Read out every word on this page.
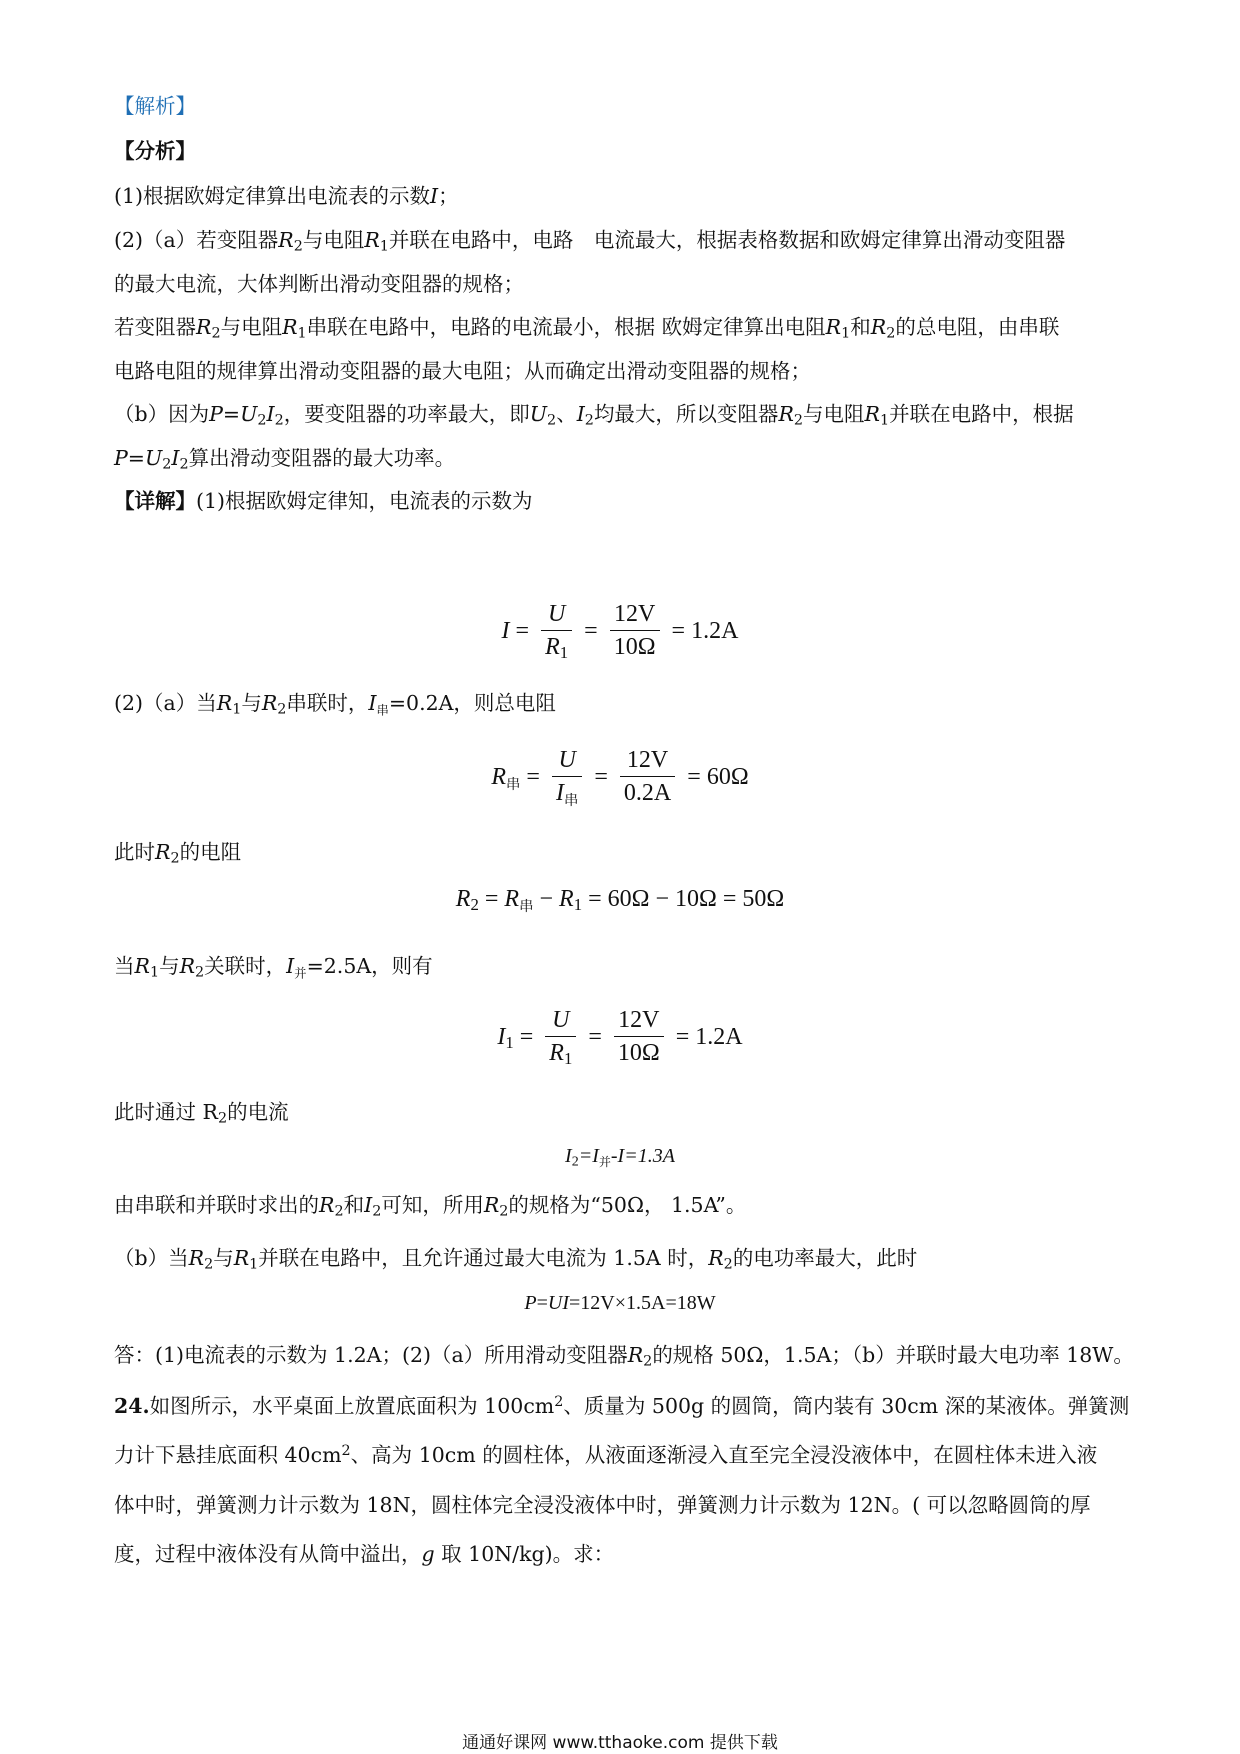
【解析】
【分析】
(1)根据欧姆定律算出电流表的示数I；
(2)（a）若变阻器$R_2$与电阻$R_1$并联在电路中，电路　电流最大，根据表格数据和欧姆定律算出滑动变阻器
的最大电流，大体判断出滑动变阻器的规格；
若变阻器$R_2$与电阻$R_1$串联在电路中，电路的电流最小，根据 欧姆定律算出电阻$R_1$和$R_2$的总电阻，由串联
电路电阻的规律算出滑动变阻器的最大电阻；从而确定出滑动变阻器的规格；
（b）因为$P=U_2I_2$，要变阻器的功率最大，即$U_2$、$I_2$均最大，所以变阻器$R_2$与电阻$R_1$并联在电路中，根据
$P=U_2I_2$算出滑动变阻器的最大功率。
【详解】(1)根据欧姆定律知，电流表的示数为
$I = \frac{U}{R_1} = \frac{12V}{10\Omega} = 1.2A$
(2)（a）当$R_1$与$R_2$串联时，$I_串=0.2A$，则总电阻
$R_串 = \frac{U}{I_串} = \frac{12V}{0.2A} = 60\Omega$
此时$R_2$的电阻
$R_2 = R_串 - R_1 = 60\Omega - 10\Omega = 50\Omega$
当$R_1$与$R_2$关联时，$I_并=2.5A$，则有
$I_1 = \frac{U}{R_1} = \frac{12V}{10\Omega} = 1.2A$
此时通过 $R_2$的电流
$I_2=I_并-I=1.3A$
由串联和并联时求出的$R_2$和$I_2$可知，所用$R_2$的规格为“50Ω， 1.5A”。
（b）当$R_2$与$R_1$并联在电路中，且允许通过最大电流为 1.5A 时，$R_2$的电功率最大，此时
P=UI=12V×1.5A=18W
答：(1)电流表的示数为 1.2A；(2)（a）所用滑动变阻器$R_2$的规格 50Ω，1.5A；（b）并联时最大电功率 18W。
24.如图所示，水平桌面上放置底面积为 $100cm^2$、质量为 500g 的圆筒，筒内装有 30cm 深的某液体。弹簧测
力计下悬挂底面积 $40cm^2$、高为 10cm 的圆柱体，从液面逐渐浸入直至完全浸没液体中，在圆柱体未进入液
体中时，弹簧测力计示数为 18N，圆柱体完全浸没液体中时，弹簧测力计示数为 12N。( 可以忽略圆筒的厚
度，过程中液体没有从筒中溢出，g 取 10N/kg)。求：
通通好课网 www.tthaoke.com 提供下载
